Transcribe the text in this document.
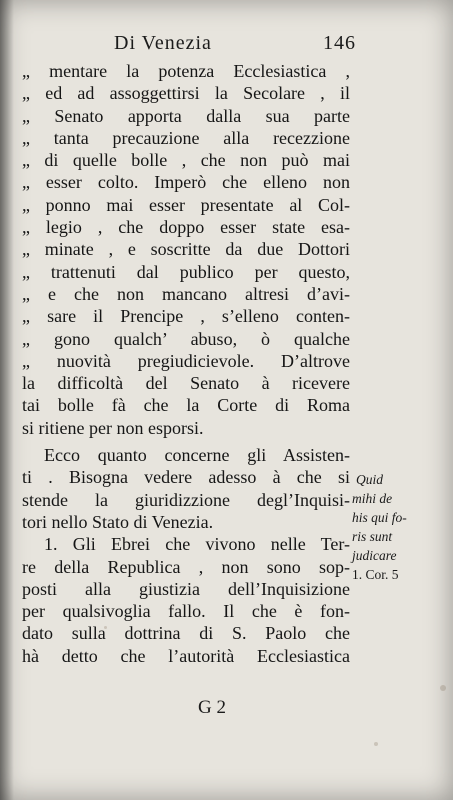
Di Venezia	146
„ mentare la potenza Ecclesiastica ,
„ ed ad assoggettirsi la Secolare , il
„ Senato apporta dalla sua parte
„ tanta precauzione alla recezzione
„ di quelle bolle , che non può mai
„ esser colto. Imperò che elleno non
„ ponno mai esser presentate al Col-
„ legio , che doppo esser state esa-
„ minate , e soscritte da due Dottori
„ trattenuti dal publico per questo,
„ e che non mancano altresi d’avi-
„ sare il Prencipe , s’elleno conten-
„ gono qualch’ abuso, ò qualche
„ nuovità pregiudicievole. D’altrove
la difficoltà del Senato à ricevere
tai bolle fà che la Corte di Roma
si ritiene per non esporsi.
Ecco quanto concerne gli Assisten-
ti . Bisogna vedere adesso à che si
stende la giuridizzione degl’Inquisi-
tori nello Stato di Venezia.
1. Gli Ebrei che vivono nelle Ter-
re della Republica , non sono sop-
posti alla giustizia dell’Inquisizione
per qualsivoglia fallo. Il che è fon-
dato sulla dottrina di S. Paolo che
hà detto che l’autorità Ecclesiastica
Quid
mihi de
his qui fo-
ris sunt
judicare
1. Cor. 5
G 2
